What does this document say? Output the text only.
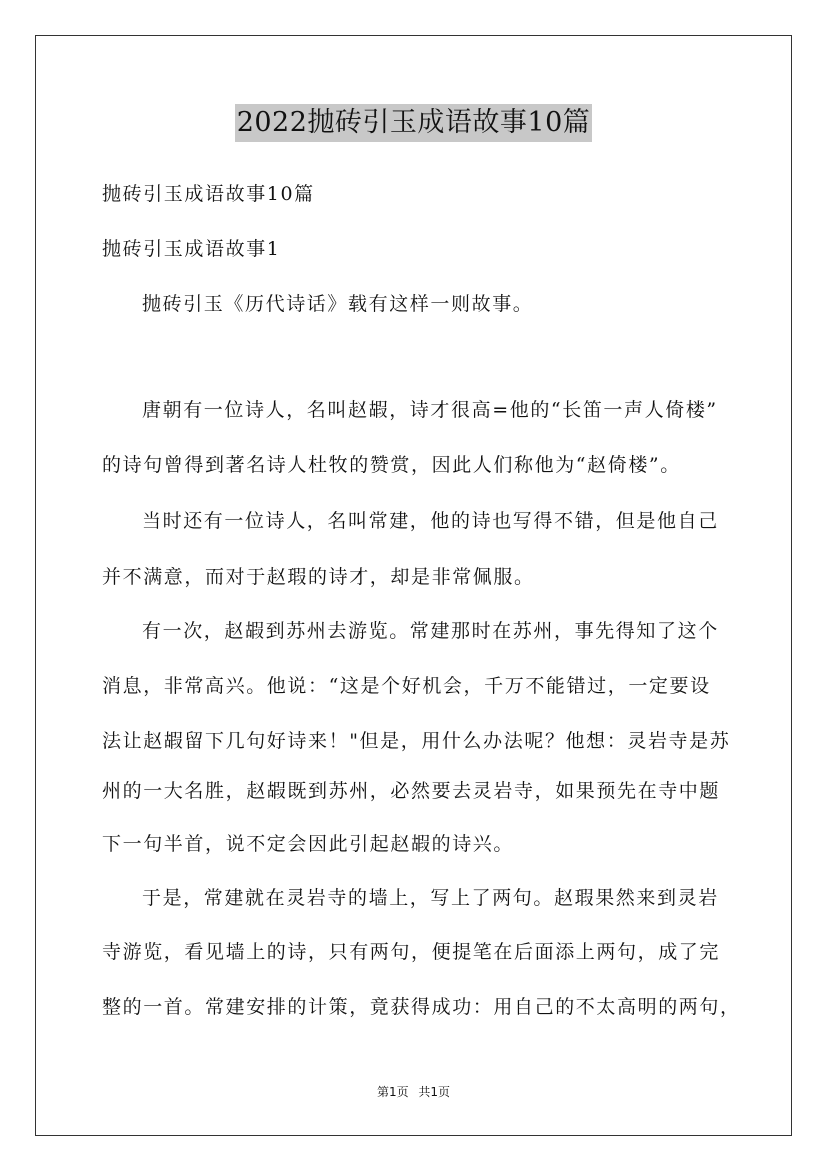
2022抛砖引玉成语故事10篇
抛砖引玉成语故事10篇
抛砖引玉成语故事1
抛砖引玉《历代诗话》载有这样一则故事。
唐朝有一位诗人，名叫赵嘏，诗才很高=他的“长笛一声人倚楼”
的诗句曾得到著名诗人杜牧的赞赏，因此人们称他为“赵倚楼”。
当时还有一位诗人，名叫常建，他的诗也写得不错，但是他自己
并不满意，而对于赵瑕的诗才，却是非常佩服。
有一次，赵嘏到苏州去游览。常建那时在苏州，事先得知了这个
消息，非常高兴。他说：“这是个好机会，千万不能错过，一定要设
法让赵嘏留下几句好诗来！"但是，用什么办法呢？他想：灵岩寺是苏
州的一大名胜，赵嘏既到苏州，必然要去灵岩寺，如果预先在寺中题
下一句半首，说不定会因此引起赵嘏的诗兴。
于是，常建就在灵岩寺的墙上，写上了两句。赵瑕果然来到灵岩
寺游览，看见墙上的诗，只有两句，便提笔在后面添上两句，成了完
整的一首。常建安排的计策，竟获得成功：用自己的不太高明的两句，
第1页 共1页
